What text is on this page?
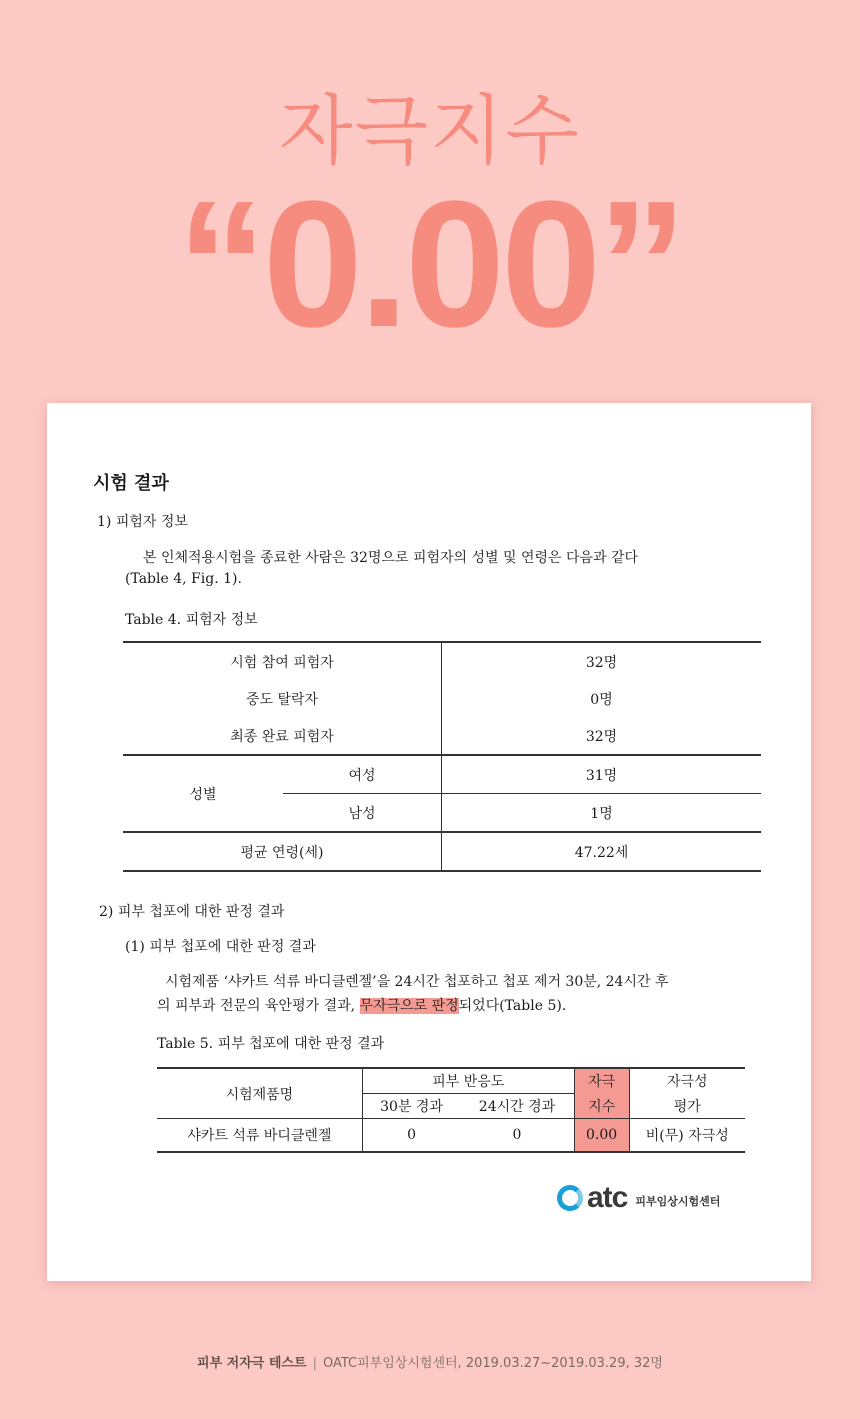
자극지수
“0.00”
시험 결과
1) 피험자 정보
본 인체적용시험을 종료한 사람은 32명으로 피험자의 성별 및 연령은 다음과 같다
(Table 4, Fig. 1).
Table 4. 피험자 정보
시험 참여 피험자		32명
중도 탈락자		0명
최종 완료 피험자		32명
성별	여성	31명
	남성	1명
평균 연령(세)		47.22세
2) 피부 첩포에 대한 판정 결과
(1) 피부 첩포에 대한 판정 결과
시험제품 ‘샤카트 석류 바디클렌젤’을 24시간 첩포하고 첩포 제거 30분, 24시간 후
의 피부과 전문의 육안평가 결과, 무자극으로 판정되었다(Table 5).
Table 5. 피부 첩포에 대한 판정 결과
시험제품명	피부 반응도		자극	자극성
	30분 경과	24시간 경과	지수	평가
샤카트 석류 바디클렌젤	0	0	0.00	비(무) 자극성
atc 피부임상시험센터
피부 저자극 테스트 | OATC피부임상시험센터, 2019.03.27~2019.03.29, 32명
